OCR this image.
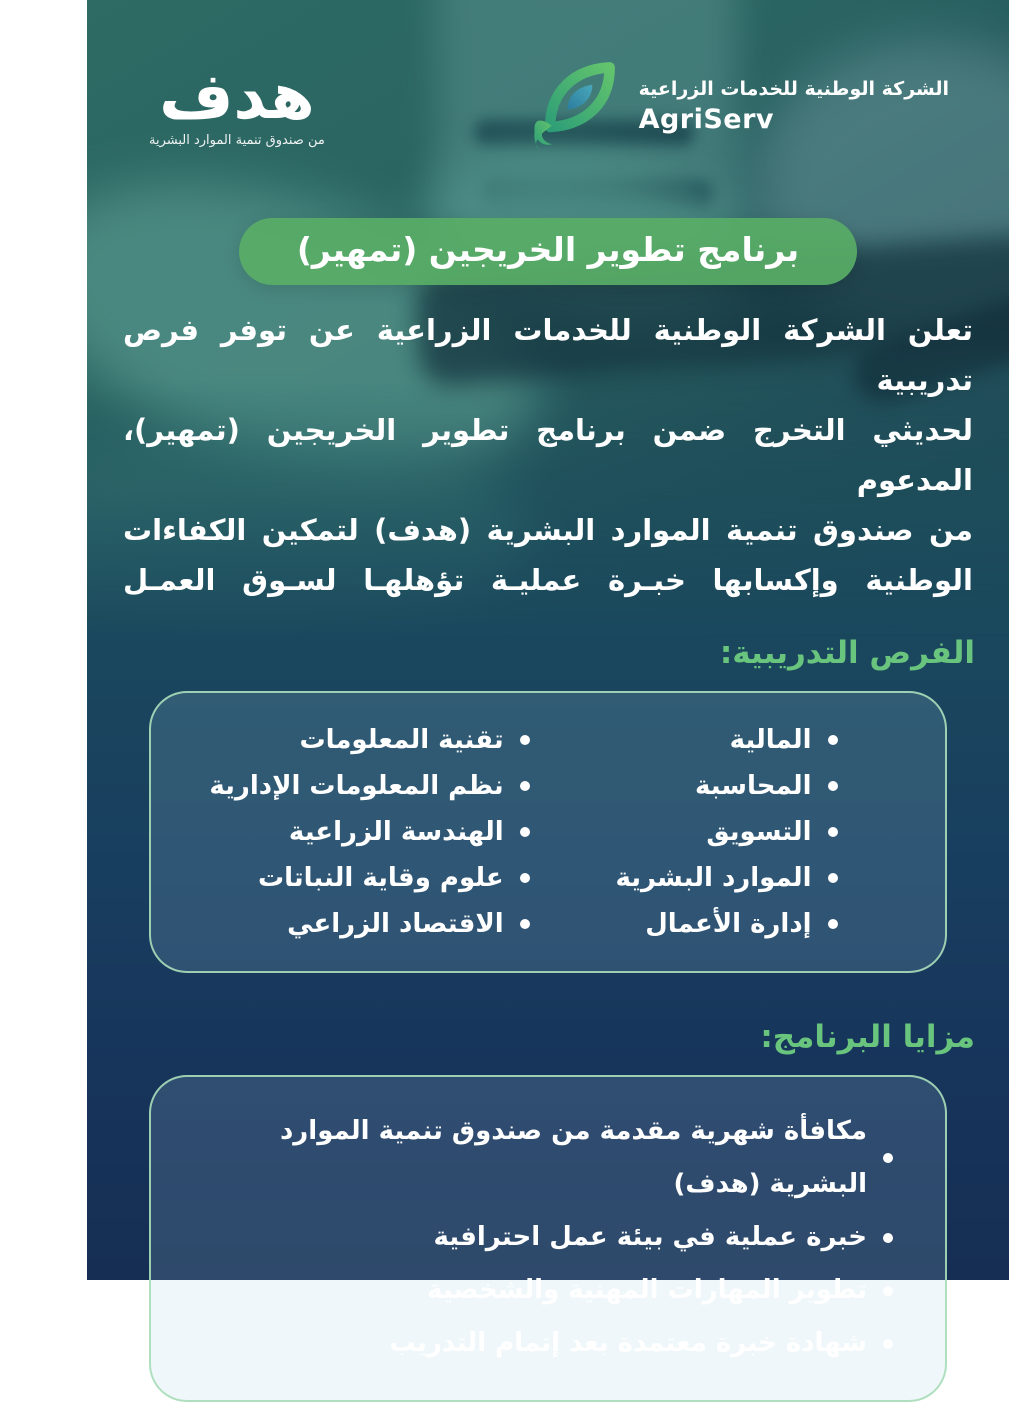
الشركة الوطنية للخدمات الزراعية
AgriServ
هدف
من صندوق تنمية الموارد البشرية
برنامج تطوير الخريجين (تمهير)
تعلن الشركة الوطنية للخدمات الزراعية عن توفر فرص تدريبية
لحديثي التخرج ضمن برنامج تطوير الخريجين (تمهير)، المدعوم
من صندوق تنمية الموارد البشرية (هدف) لتمكين الكفاءات
الوطنية وإكسابها خبـرة عمليـة تؤهلهـا لسـوق العمـل
الفرص التدريبية:
المالية
المحاسبة
التسويق
الموارد البشرية
إدارة الأعمال
تقنية المعلومات
نظم المعلومات الإدارية
الهندسة الزراعية
علوم وقاية النباتات
الاقتصاد الزراعي
مزايا البرنامج:
مكافأة شهرية مقدمة من صندوق تنمية الموارد البشرية (هدف)
خبرة عملية في بيئة عمل احترافية
تطوير المهارات المهنية والشخصية
شهادة خبرة معتمدة بعد إتمام التدريب
